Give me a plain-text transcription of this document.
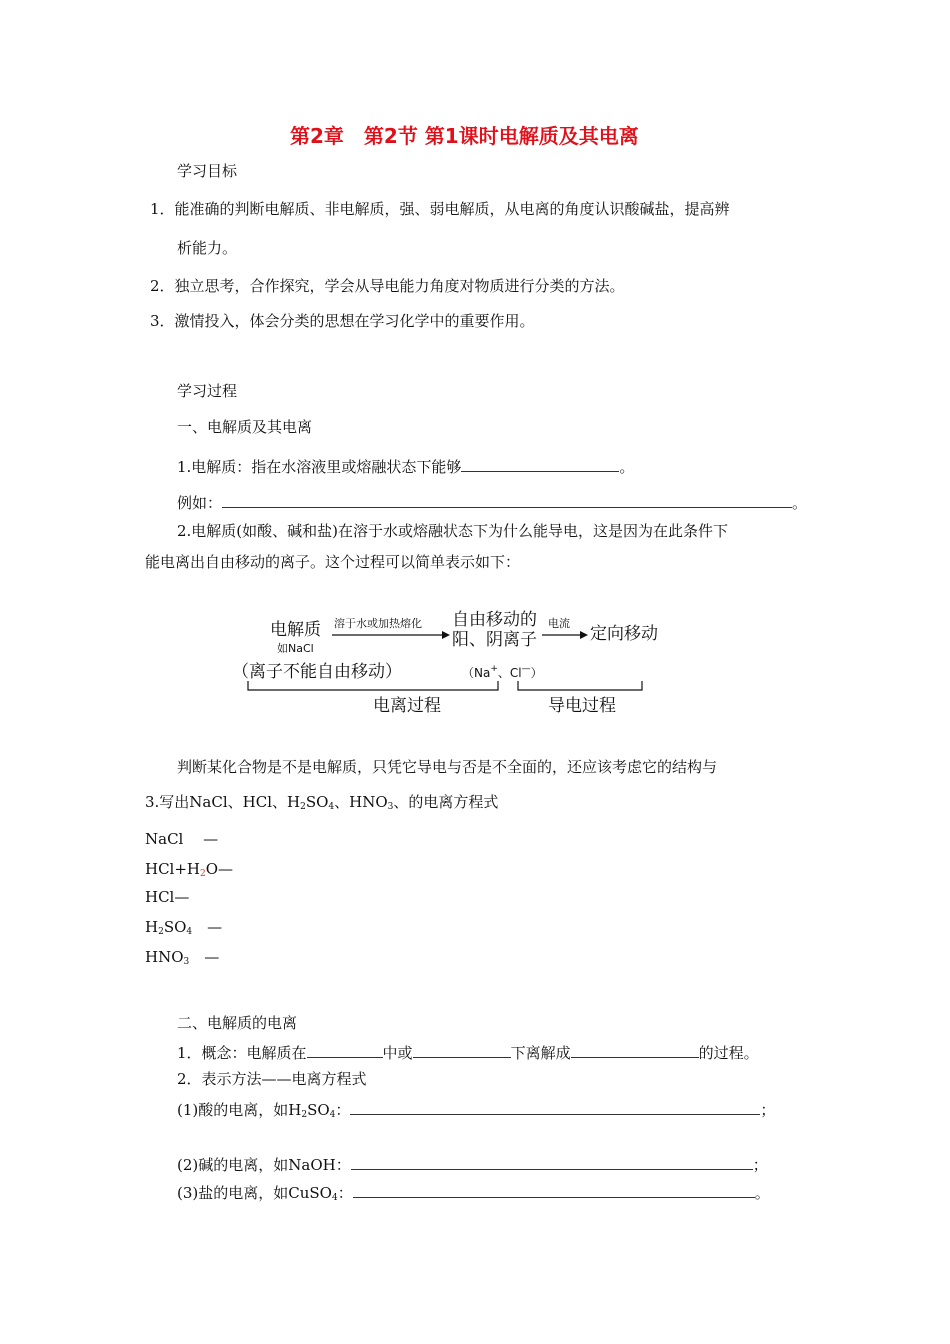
第2章　第2节 第1课时电解质及其电离
学习目标
1．能准确的判断电解质、非电解质，强、弱电解质，从电离的角度认识酸碱盐，提高辨
析能力。
2．独立思考，合作探究，学会从导电能力角度对物质进行分类的方法。
3．激情投入，体会分类的思想在学习化学中的重要作用。
学习过程
一、电解质及其电离
1.电解质：指在水溶液里或熔融状态下能够	。
例如：	。
2.电解质(如酸、碱和盐)在溶于水或熔融状态下为什么能导电，这是因为在此条件下
能电离出自由移动的离子。这个过程可以简单表示如下：
电解质
如NaCl
溶于水或加热熔化 自由移动的
阳、阴离子
电流
定向移动
（离子不能自由移动）	（Na+、Cl—）
电离过程	导电过程
判断某化合物是不是电解质，只凭它导电与否是不全面的，还应该考虑它的结构与
3.写出NaCl、HCl、$H_2SO_4$、$HNO_3$、的电离方程式
NaCl　 —
HCl+H2O—
HCl—
$H_2SO_4$　—
$HNO_3$　—
二、电解质的电离
1．概念：电解质在	中或	下离解成	的过程。
2．表示方法——电离方程式
(1)酸的电离，如$H_2SO_4$：	；
(2)碱的电离，如NaOH：	；
(3)盐的电离，如CuSO$_4$：	。
